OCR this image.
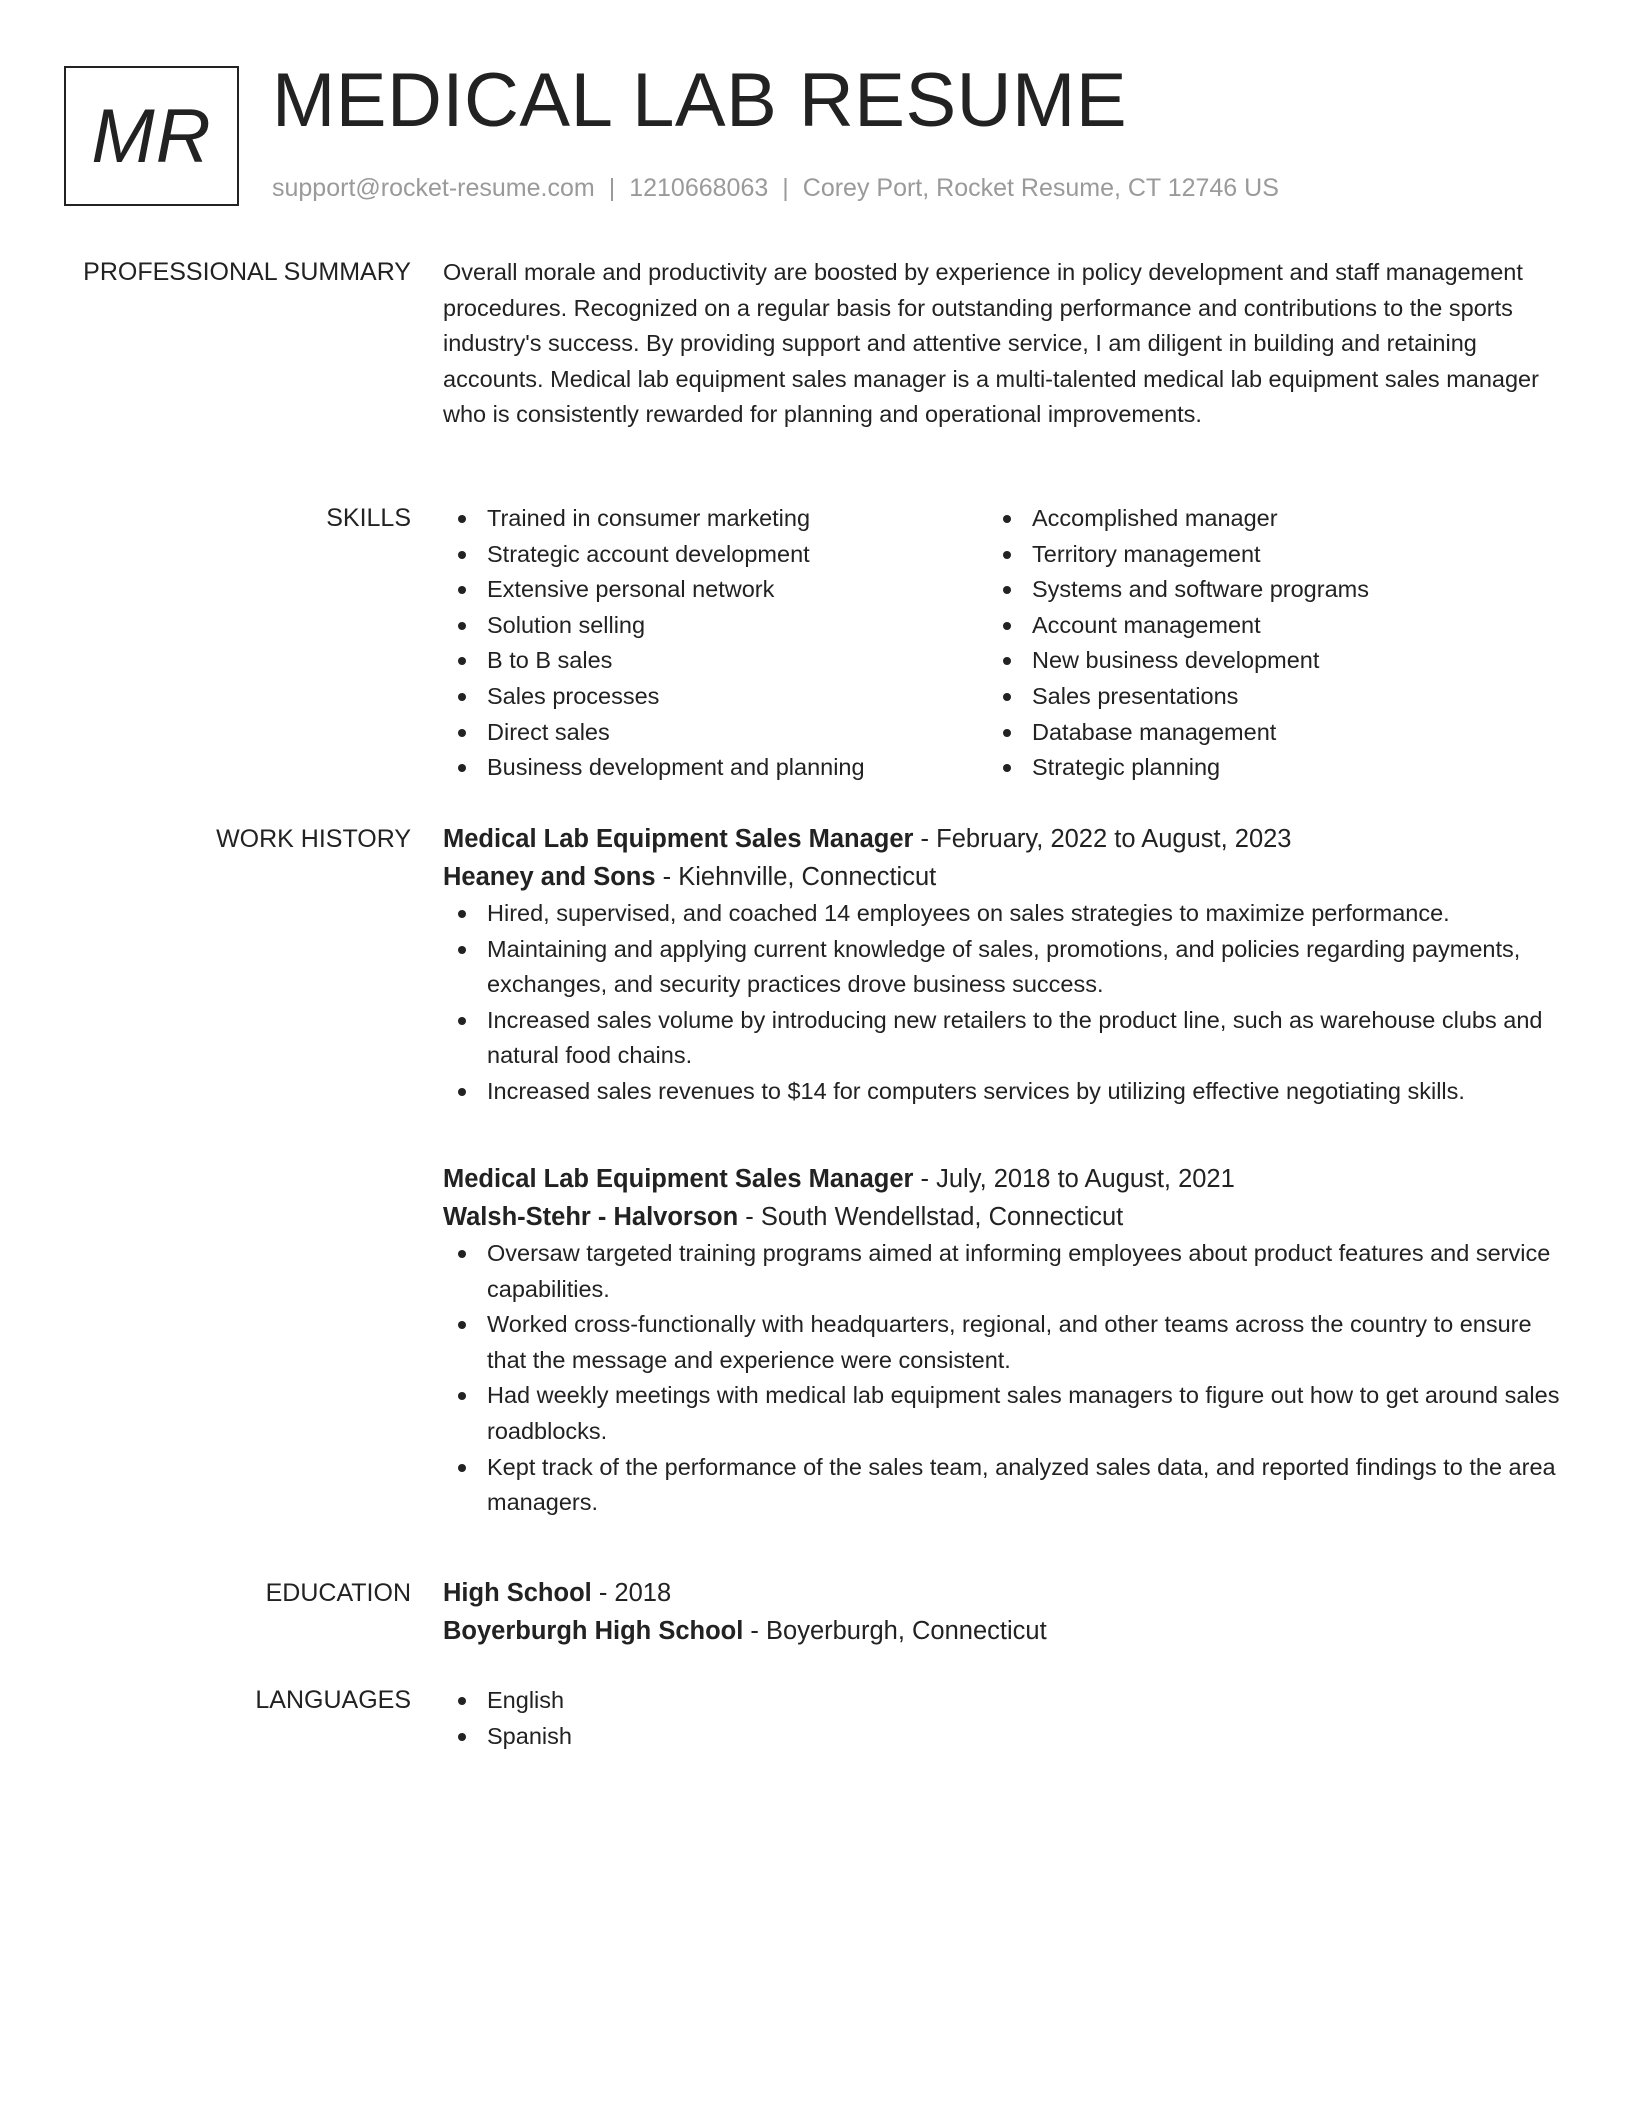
MR MEDICAL LAB RESUME
support@rocket-resume.com | 1210668063 | Corey Port, Rocket Resume, CT 12746 US
PROFESSIONAL SUMMARY Overall morale and productivity are boosted by experience in policy development and staff management procedures. Recognized on a regular basis for outstanding performance and contributions to the sports industry's success. By providing support and attentive service, I am diligent in building and retaining accounts. Medical lab equipment sales manager is a multi-talented medical lab equipment sales manager who is consistently rewarded for planning and operational improvements.
SKILLS	Trained in consumer marketing
Strategic account development
Extensive personal network
Solution selling
B to B sales
Sales processes
Direct sales
Business development and planning
Accomplished manager
Territory management
Systems and software programs
Account management
New business development
Sales presentations
Database management
Strategic planning
WORK HISTORY Medical Lab Equipment Sales Manager - February, 2022 to August, 2023
Heaney and Sons - Kiehnville, Connecticut
Hired, supervised, and coached 14 employees on sales strategies to maximize performance.
Maintaining and applying current knowledge of sales, promotions, and policies regarding payments, exchanges, and security practices drove business success.
Increased sales volume by introducing new retailers to the product line, such as warehouse clubs and natural food chains.
Increased sales revenues to $14 for computers services by utilizing effective negotiating skills.
Medical Lab Equipment Sales Manager - July, 2018 to August, 2021
Walsh-Stehr - Halvorson - South Wendellstad, Connecticut
Oversaw targeted training programs aimed at informing employees about product features and service capabilities.
Worked cross-functionally with headquarters, regional, and other teams across the country to ensure that the message and experience were consistent.
Had weekly meetings with medical lab equipment sales managers to figure out how to get around sales roadblocks.
Kept track of the performance of the sales team, analyzed sales data, and reported findings to the area managers.
EDUCATION High School - 2018
Boyerburgh High School - Boyerburgh, Connecticut
LANGUAGES	English
Spanish
